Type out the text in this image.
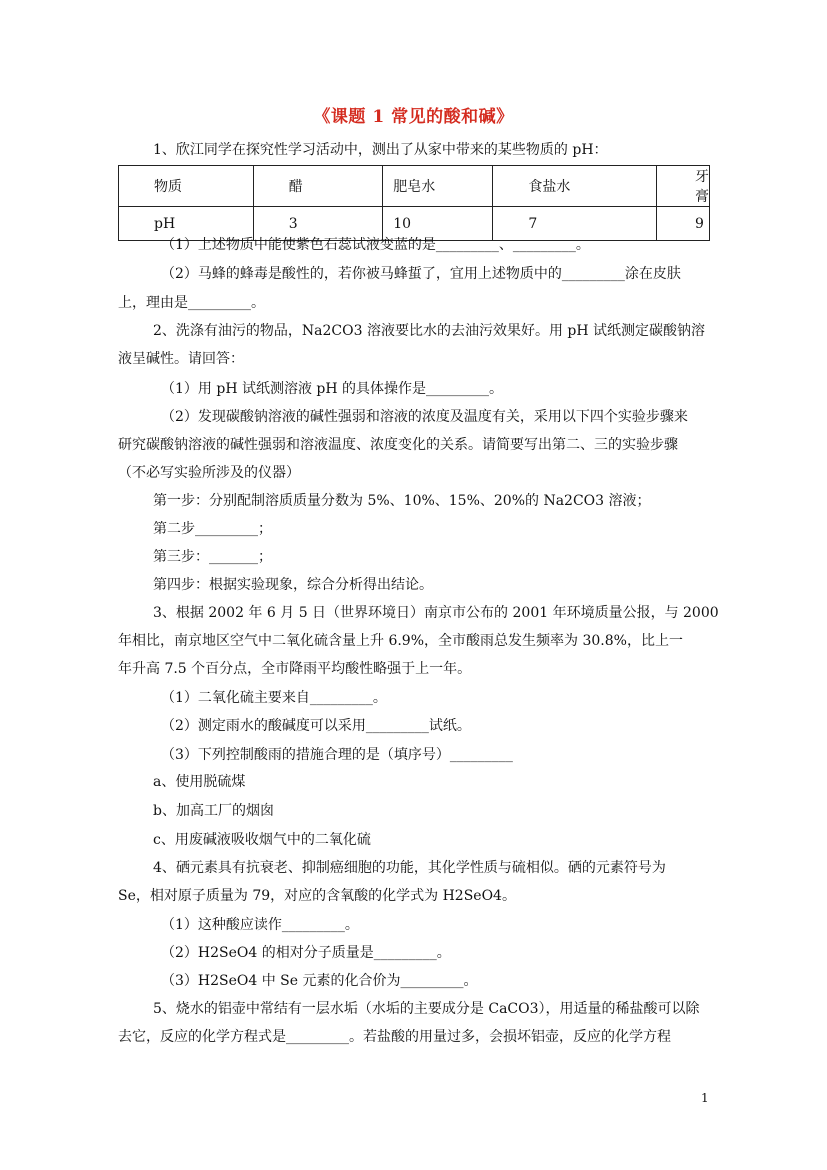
《课题 1 常见的酸和碱》
1、欣江同学在探究性学习活动中，测出了从家中带来的某些物质的 pH：
物质	醋	肥皂水	食盐水	牙膏
pH	3	10	7	9
（1）上述物质中能使紫色石蕊试液变蓝的是_________、_________。
（2）马蜂的蜂毒是酸性的，若你被马蜂蜇了，宜用上述物质中的_________涂在皮肤
上，理由是_________。
2、洗涤有油污的物品，Na2CO3 溶液要比水的去油污效果好。用 pH 试纸测定碳酸钠溶
液呈碱性。请回答：
（1）用 pH 试纸测溶液 pH 的具体操作是_________。
（2）发现碳酸钠溶液的碱性强弱和溶液的浓度及温度有关，采用以下四个实验步骤来
研究碳酸钠溶液的碱性强弱和溶液温度、浓度变化的关系。请简要写出第二、三的实验步骤
（不必写实验所涉及的仪器）
第一步：分别配制溶质质量分数为 5%、10%、15%、20%的 Na2CO3 溶液；
第二步_________；
第三步：_______；
第四步：根据实验现象，综合分析得出结论。
3、根据 2002 年 6 月 5 日（世界环境日）南京市公布的 2001 年环境质量公报，与 2000
年相比，南京地区空气中二氧化硫含量上升 6.9%，全市酸雨总发生频率为 30.8%，比上一
年升高 7.5 个百分点，全市降雨平均酸性略强于上一年。
（1）二氧化硫主要来自_________。
（2）测定雨水的酸碱度可以采用_________试纸。
（3）下列控制酸雨的措施合理的是（填序号）_________
a、使用脱硫煤
b、加高工厂的烟囱
c、用废碱液吸收烟气中的二氧化硫
4、硒元素具有抗衰老、抑制癌细胞的功能，其化学性质与硫相似。硒的元素符号为
Se，相对原子质量为 79，对应的含氧酸的化学式为 H2SeO4。
（1）这种酸应读作_________。
（2）H2SeO4 的相对分子质量是_________。
（3）H2SeO4 中 Se 元素的化合价为_________。
5、烧水的铝壶中常结有一层水垢（水垢的主要成分是 CaCO3），用适量的稀盐酸可以除
去它，反应的化学方程式是_________。若盐酸的用量过多，会损坏铝壶，反应的化学方程
1
